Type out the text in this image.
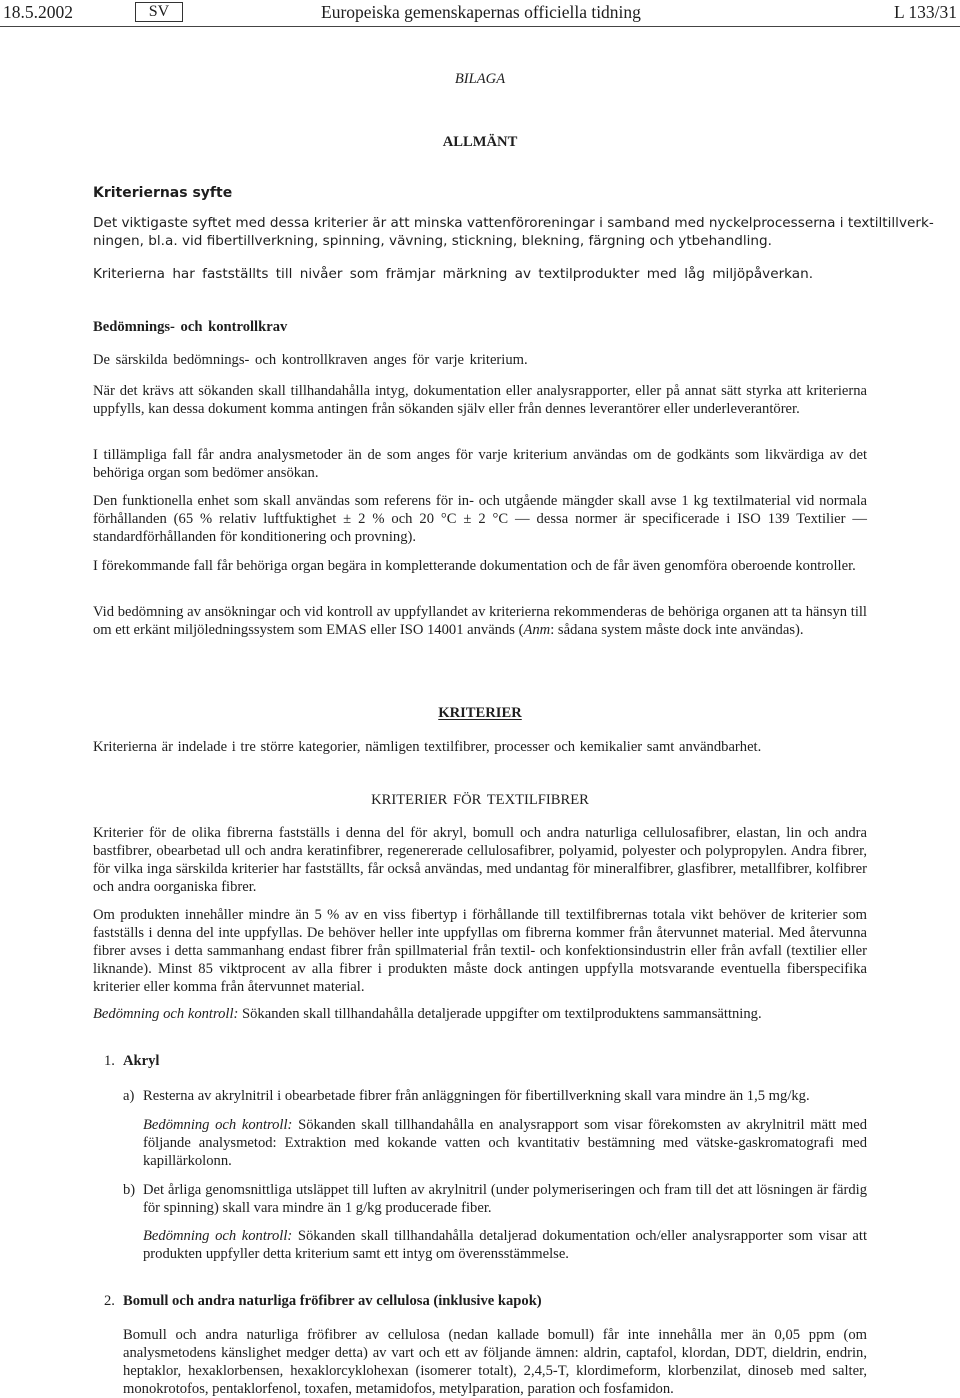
18.5.2002	SV	Europeiska gemenskapernas officiella tidning	L 133/31
BILAGA
ALLMÄNT
Kriteriernas syfte
Det viktigaste syftet med dessa kriterier är att minska vattenföroreningar i samband med nyckelprocesserna i textiltillverk-
ningen, bl.a. vid fibertillverkning, spinning, vävning, stickning, blekning, färgning och ytbehandling.
Kriterierna har fastställts till nivåer som främjar märkning av textilprodukter med låg miljöpåverkan.
Bedömnings- och kontrollkrav
De särskilda bedömnings- och kontrollkraven anges för varje kriterium.
När det krävs att sökanden skall tillhandahålla intyg, dokumentation eller analysrapporter, eller på annat sätt styrka att kriterierna uppfylls, kan dessa dokument komma antingen från sökanden själv eller från dennes leverantörer eller underleverantörer.
I tillämpliga fall får andra analysmetoder än de som anges för varje kriterium användas om de godkänts som likvärdiga av det behöriga organ som bedömer ansökan.
Den funktionella enhet som skall användas som referens för in- och utgående mängder skall avse 1 kg textilmaterial vid normala förhållanden (65 % relativ luftfuktighet ± 2 % och 20 °C ± 2 °C — dessa normer är specificerade i ISO 139 Textilier — standardförhållanden för konditionering och provning).
I förekommande fall får behöriga organ begära in kompletterande dokumentation och de får även genomföra oberoende kontroller.
Vid bedömning av ansökningar och vid kontroll av uppfyllandet av kriterierna rekommenderas de behöriga organen att ta hänsyn till om ett erkänt miljöledningssystem som EMAS eller ISO 14001 används (Anm: sådana system måste dock inte användas).
KRITERIER
Kriterierna är indelade i tre större kategorier, nämligen textilfibrer, processer och kemikalier samt användbarhet.
KRITERIER FÖR TEXTILFIBRER
Kriterier för de olika fibrerna fastställs i denna del för akryl, bomull och andra naturliga cellulosafibrer, elastan, lin och andra bastfibrer, obearbetad ull och andra keratinfibrer, regenererade cellulosafibrer, polyamid, polyester och polypropylen. Andra fibrer, för vilka inga särskilda kriterier har fastställts, får också användas, med undantag för mineralfibrer, glasfibrer, metallfibrer, kolfibrer och andra oorganiska fibrer.
Om produkten innehåller mindre än 5 % av en viss fibertyp i förhållande till textilfibrernas totala vikt behöver de kriterier som fastställs i denna del inte uppfyllas. De behöver heller inte uppfyllas om fibrerna kommer från återvunnet material. Med återvunna fibrer avses i detta sammanhang endast fibrer från spillmaterial från textil- och konfektionsindustrin eller från avfall (textilier eller liknande). Minst 85 viktprocent av alla fibrer i produkten måste dock antingen uppfylla motsvarande eventuella fiberspecifika kriterier eller komma från återvunnet material.
Bedömning och kontroll: Sökanden skall tillhandahålla detaljerade uppgifter om textilproduktens sammansättning.
1. Akryl
a) Resterna av akrylnitril i obearbetade fibrer från anläggningen för fibertillverkning skall vara mindre än 1,5 mg/kg.
Bedömning och kontroll: Sökanden skall tillhandahålla en analysrapport som visar förekomsten av akrylnitril mätt med följande analysmetod: Extraktion med kokande vatten och kvantitativ bestämning med vätske-gaskromatografi med kapillärkolonn.
b) Det årliga genomsnittliga utsläppet till luften av akrylnitril (under polymeriseringen och fram till det att lösningen är färdig för spinning) skall vara mindre än 1 g/kg producerade fiber.
Bedömning och kontroll: Sökanden skall tillhandahålla detaljerad dokumentation och/eller analysrapporter som visar att produkten uppfyller detta kriterium samt ett intyg om överensstämmelse.
2. Bomull och andra naturliga fröfibrer av cellulosa (inklusive kapok)
Bomull och andra naturliga fröfibrer av cellulosa (nedan kallade bomull) får inte innehålla mer än 0,05 ppm (om analysmetodens känslighet medger detta) av vart och ett av följande ämnen: aldrin, captafol, klordan, DDT, dieldrin, endrin, heptaklor, hexaklorbensen, hexaklorcyklohexan (isomerer totalt), 2,4,5-T, klordimeform, klorbenzilat, dinoseb med salter, monokrotofos, pentaklorfenol, toxafen, metamidofos, metylparation, paration och fosfamidon.
